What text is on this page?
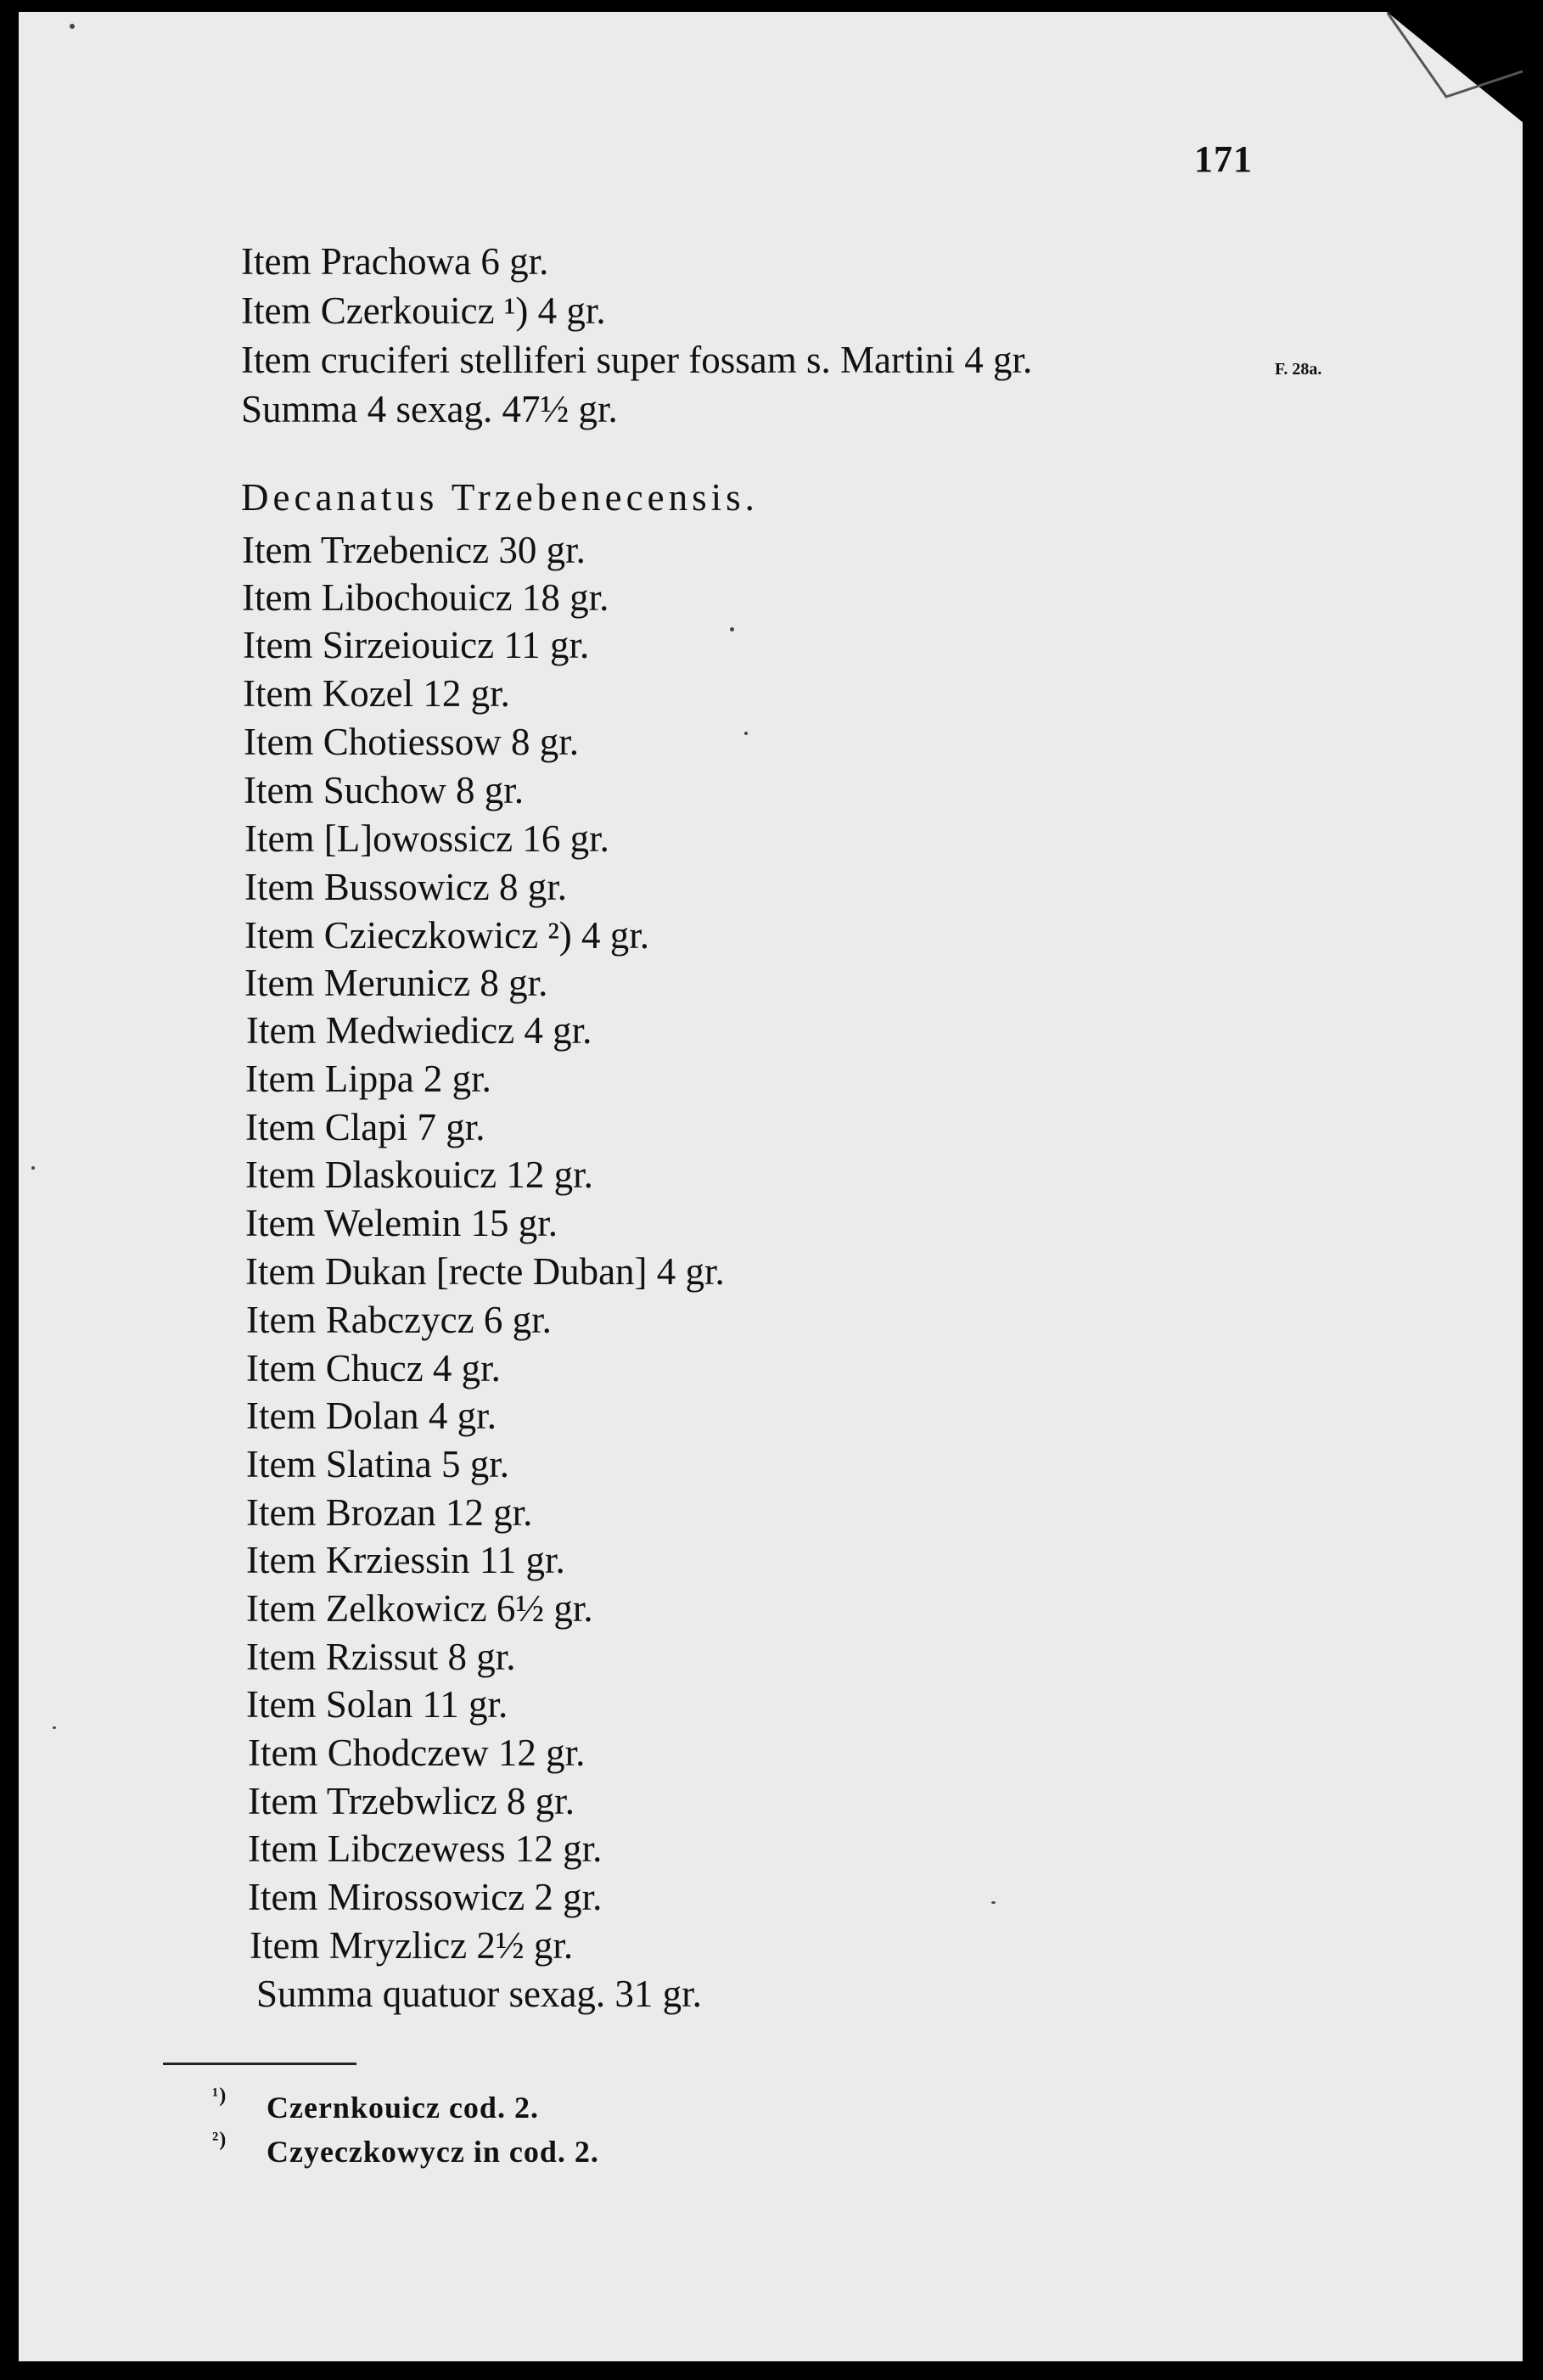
171
F. 28a.
Item Prachowa 6 gr.
Item Czerkouicz ¹) 4 gr.
Item cruciferi stelliferi super fossam s. Martini 4 gr.
Summa 4 sexag. 47½ gr.
Decanatus Trzebenecensis.
Item Trzebenicz 30 gr.
Item Libochouicz 18 gr.
Item Sirzeiouicz 11 gr.
Item Kozel 12 gr.
Item Chotiessow 8 gr.
Item Suchow 8 gr.
Item [L]owossicz 16 gr.
Item Bussowicz 8 gr.
Item Czieczkowicz ²) 4 gr.
Item Merunicz 8 gr.
Item Medwiedicz 4 gr.
Item Lippa 2 gr.
Item Clapi 7 gr.
Item Dlaskouicz 12 gr.
Item Welemin 15 gr.
Item Dukan [recte Duban] 4 gr.
Item Rabczycz 6 gr.
Item Chucz 4 gr.
Item Dolan 4 gr.
Item Slatina 5 gr.
Item Brozan 12 gr.
Item Krziessin 11 gr.
Item Zelkowicz 6½ gr.
Item Rzissut 8 gr.
Item Solan 11 gr.
Item Chodczew 12 gr.
Item Trzebwlicz 8 gr.
Item Libczewess 12 gr.
Item Mirossowicz 2 gr.
Item Mryzlicz 2½ gr.
Summa quatuor sexag. 31 gr.
¹) Czernkouicz cod. 2.
²) Czyeczkowycz in cod. 2.
